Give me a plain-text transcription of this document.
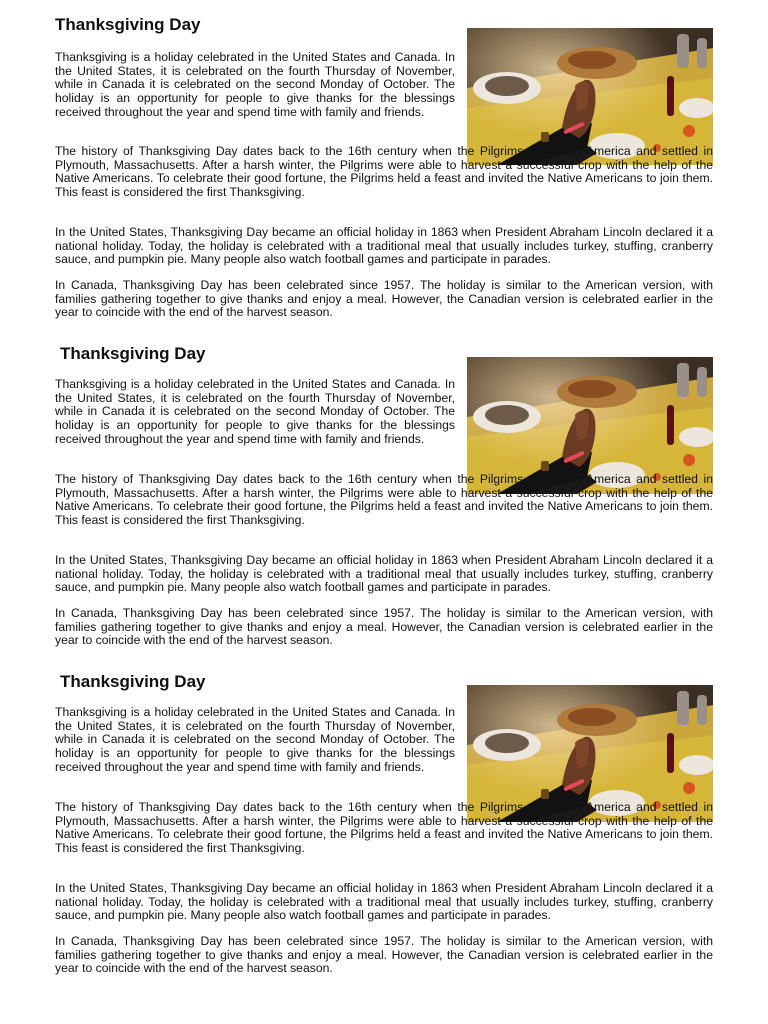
Thanksgiving Day

Thanksgiving is a holiday celebrated in the United States and Canada. In the United States, it is celebrated on the fourth Thursday of November, while in Canada it is celebrated on the second Monday of October. The holiday is an opportunity for people to give thanks for the blessings received throughout the year and spend time with family and friends.

The history of Thanksgiving Day dates back to the 16th century when the Pilgrims arrived in America and settled in Plymouth, Massachusetts. After a harsh winter, the Pilgrims were able to harvest a successful crop with the help of the Native Americans. To celebrate their good fortune, the Pilgrims held a feast and invited the Native Americans to join them. This feast is considered the first Thanksgiving.

In the United States, Thanksgiving Day became an official holiday in 1863 when President Abraham Lincoln declared it a national holiday. Today, the holiday is celebrated with a traditional meal that usually includes turkey, stuffing, cranberry sauce, and pumpkin pie. Many people also watch football games and participate in parades.

In Canada, Thanksgiving Day has been celebrated since 1957. The holiday is similar to the American version, with families gathering together to give thanks and enjoy a meal. However, the Canadian version is celebrated earlier in the year to coincide with the end of the harvest season.

Thanksgiving Day

Thanksgiving is a holiday celebrated in the United States and Canada. In the United States, it is celebrated on the fourth Thursday of November, while in Canada it is celebrated on the second Monday of October. The holiday is an opportunity for people to give thanks for the blessings received throughout the year and spend time with family and friends.

The history of Thanksgiving Day dates back to the 16th century when the Pilgrims arrived in America and settled in Plymouth, Massachusetts. After a harsh winter, the Pilgrims were able to harvest a successful crop with the help of the Native Americans. To celebrate their good fortune, the Pilgrims held a feast and invited the Native Americans to join them. This feast is considered the first Thanksgiving.

In the United States, Thanksgiving Day became an official holiday in 1863 when President Abraham Lincoln declared it a national holiday. Today, the holiday is celebrated with a traditional meal that usually includes turkey, stuffing, cranberry sauce, and pumpkin pie. Many people also watch football games and participate in parades.

In Canada, Thanksgiving Day has been celebrated since 1957. The holiday is similar to the American version, with families gathering together to give thanks and enjoy a meal. However, the Canadian version is celebrated earlier in the year to coincide with the end of the harvest season.

Thanksgiving Day

Thanksgiving is a holiday celebrated in the United States and Canada. In the United States, it is celebrated on the fourth Thursday of November, while in Canada it is celebrated on the second Monday of October. The holiday is an opportunity for people to give thanks for the blessings received throughout the year and spend time with family and friends.

The history of Thanksgiving Day dates back to the 16th century when the Pilgrims arrived in America and settled in Plymouth, Massachusetts. After a harsh winter, the Pilgrims were able to harvest a successful crop with the help of the Native Americans. To celebrate their good fortune, the Pilgrims held a feast and invited the Native Americans to join them. This feast is considered the first Thanksgiving.

In the United States, Thanksgiving Day became an official holiday in 1863 when President Abraham Lincoln declared it a national holiday. Today, the holiday is celebrated with a traditional meal that usually includes turkey, stuffing, cranberry sauce, and pumpkin pie. Many people also watch football games and participate in parades.

In Canada, Thanksgiving Day has been celebrated since 1957. The holiday is similar to the American version, with families gathering together to give thanks and enjoy a meal. However, the Canadian version is celebrated earlier in the year to coincide with the end of the harvest season.
